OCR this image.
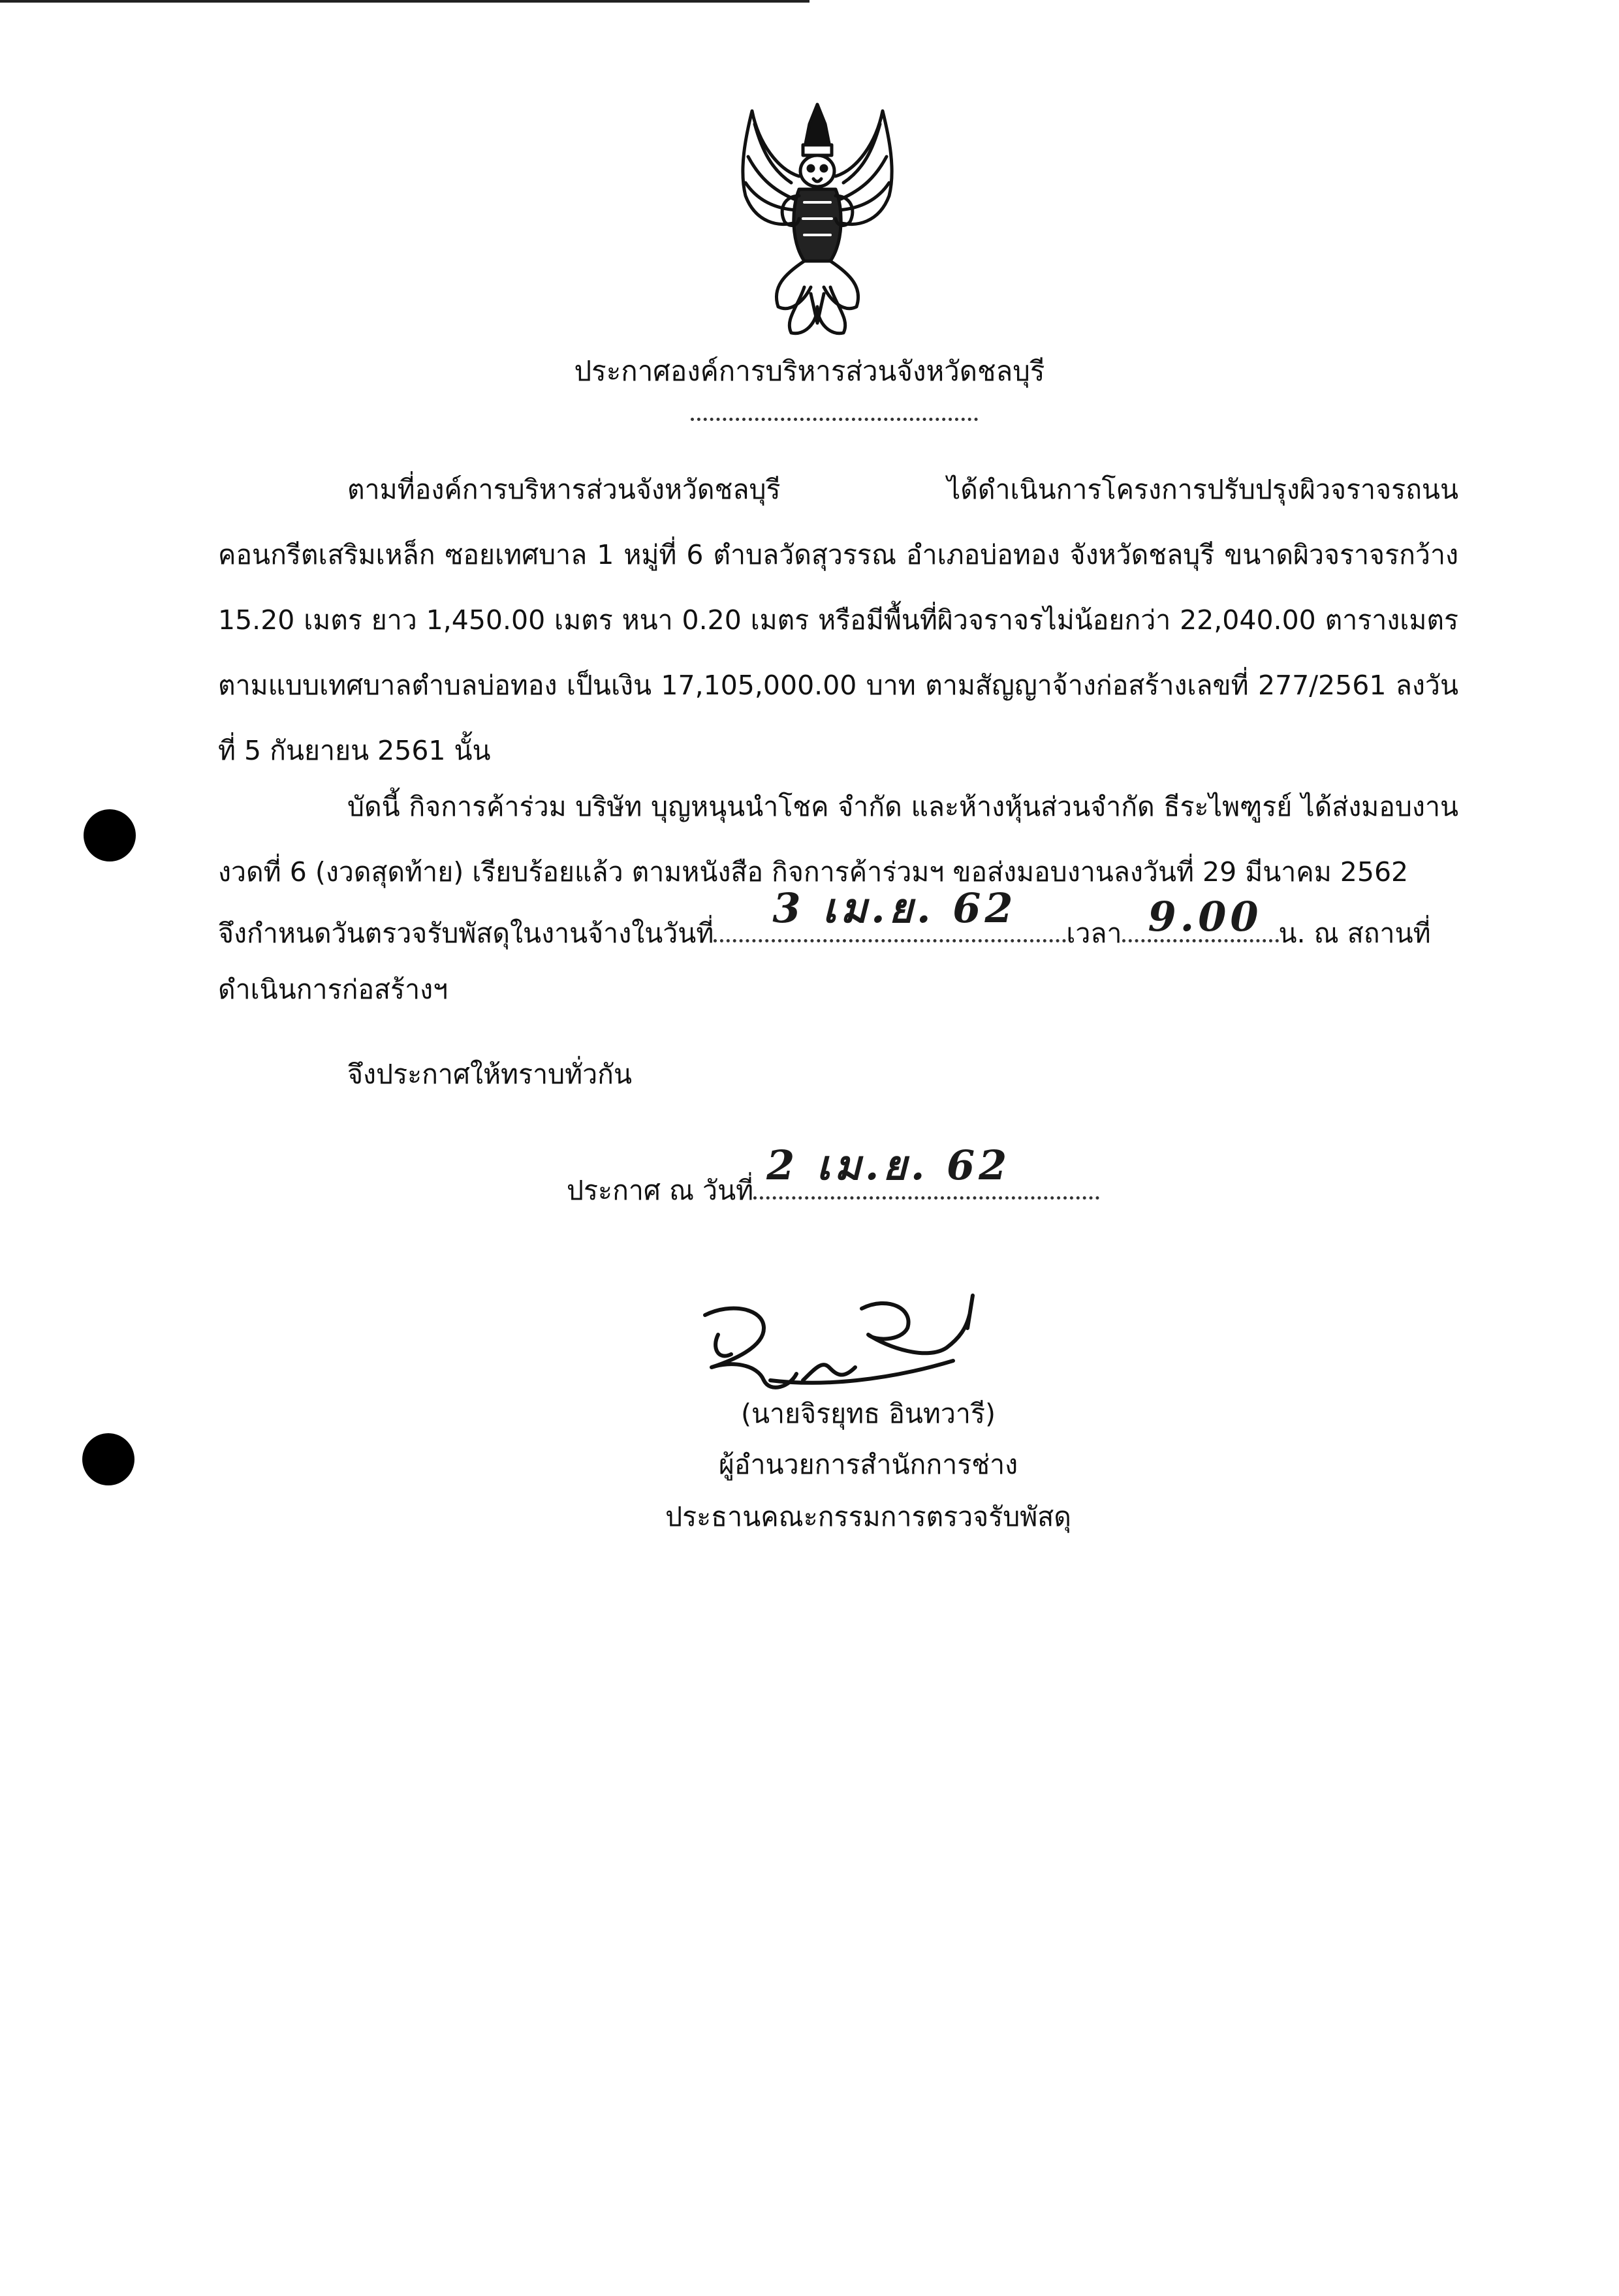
ประกาศองค์การบริหารส่วนจังหวัดชลบุรี

ตามที่องค์การบริหารส่วนจังหวัดชลบุรี ได้ดำเนินการโครงการปรับปรุงผิวจราจรถนนคอนกรีตเสริมเหล็ก ซอยเทศบาล 1 หมู่ที่ 6 ตำบลวัดสุวรรณ อำเภอบ่อทอง จังหวัดชลบุรี ขนาดผิวจราจรกว้าง 15.20 เมตร ยาว 1,450.00 เมตร หนา 0.20 เมตร หรือมีพื้นที่ผิวจราจรไม่น้อยกว่า 22,040.00 ตารางเมตร ตามแบบเทศบาลตำบลบ่อทอง เป็นเงิน 17,105,000.00 บาท ตามสัญญาจ้างก่อสร้างเลขที่ 277/2561 ลงวันที่ 5 กันยายน 2561 นั้น

บัดนี้ กิจการค้าร่วม บริษัท บุญหนุนนำโชค จำกัด และห้างหุ้นส่วนจำกัด ธีระไพฑูรย์ ได้ส่งมอบงาน งวดที่ 6 (งวดสุดท้าย) เรียบร้อยแล้ว ตามหนังสือ กิจการค้าร่วมฯ ขอส่งมอบงานลงวันที่ 29 มีนาคม 2562

จึงกำหนดวันตรวจรับพัสดุในงานจ้างในวันที่
3 เม.ย. 62
เวลา 9.00 น. ณ สถานที่
ดำเนินการก่อสร้างฯ
จึงประกาศให้ทราบทั่วกัน
ประกาศ ณ วันที่
2 เม.ย. 62
(นายจิรยุทธ อินทวารี)
ผู้อำนวยการสำนักการช่าง
ประธานคณะกรรมการตรวจรับพัสดุ
